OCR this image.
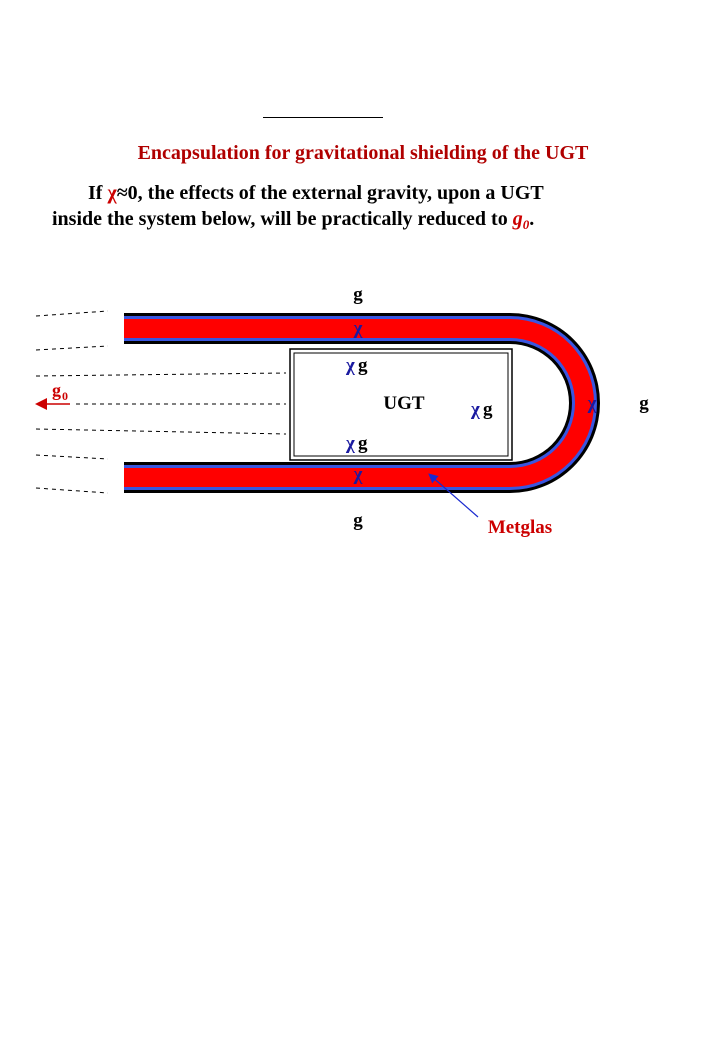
Encapsulation for gravitational shielding of the UGT
If χ≈0, the effects of the external gravity, upon a UGT
inside the system below, will be practically reduced to $g_0$.
g
g
g
χ
χ
χ
χ g
χ g
χ g
UGT
g 0
Metglas
